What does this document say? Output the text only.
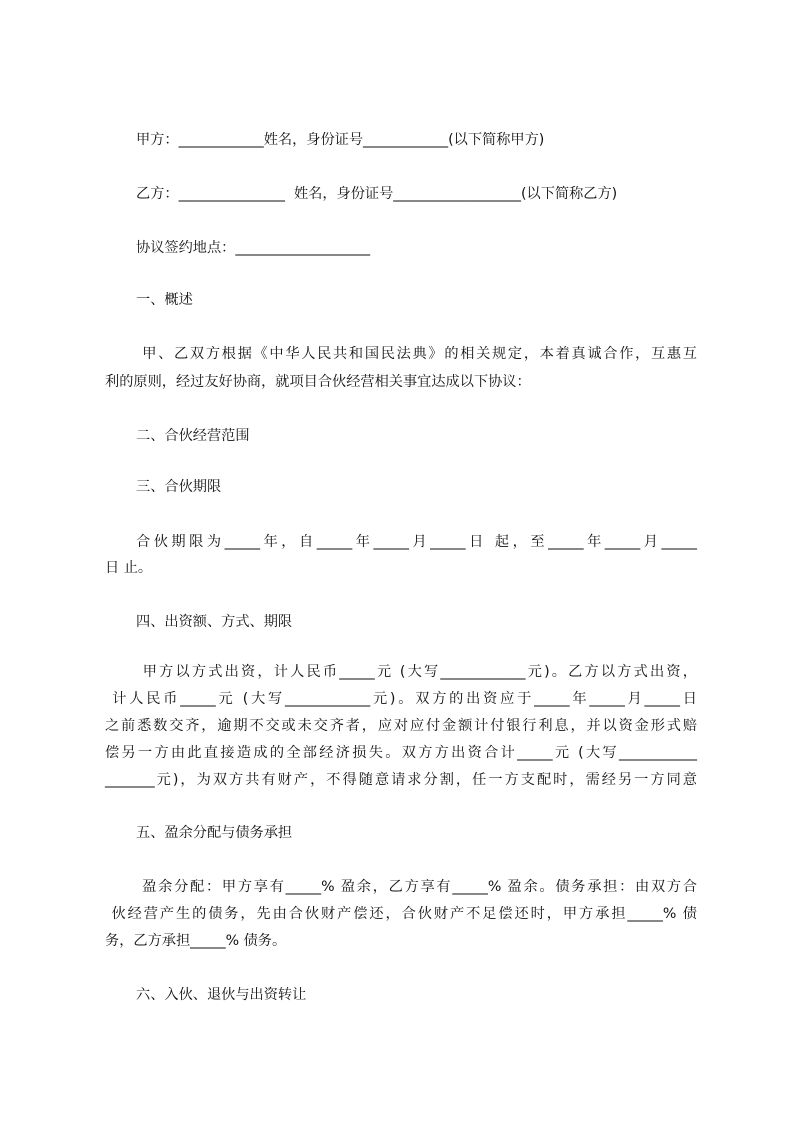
甲方：____________姓名，身份证号____________(以下简称甲方)
乙方：_______________  姓名，身份证号__________________(以下简称乙方)
协议签约地点：___________________
一、概述
甲、乙双方根据《中华人民共和国民法典》的相关规定，本着真诚合作，互惠互
利的原则，经过友好协商，就项目合伙经营相关事宜达成以下协议：
二、合伙经营范围
三、合伙期限
合伙期限为_____年，自_____年_____月_____日 起，至_____年_____月_____
日 止。
四、出资额、方式、期限
甲方以方式出资，计人民币_____元 (大写____________元)。乙方以方式出资，
计人民币_____元 (大写____________元)。双方的出资应于_____年_____月_____日
之前悉数交齐，逾期不交或未交齐者，应对应付金额计付银行利息，并以资金形式赔
偿另一方由此直接造成的全部经济损失。双方方出资合计_____元 (大写___________
_______元)，为双方共有财产，不得随意请求分割，任一方支配时，需经另一方同意
五、盈余分配与债务承担
盈余分配：甲方享有_____% 盈余，乙方享有_____% 盈余。债务承担：由双方合
伙经营产生的债务，先由合伙财产偿还，合伙财产不足偿还时，甲方承担_____% 债
务，乙方承担_____% 债务。
六、入伙、退伙与出资转让
